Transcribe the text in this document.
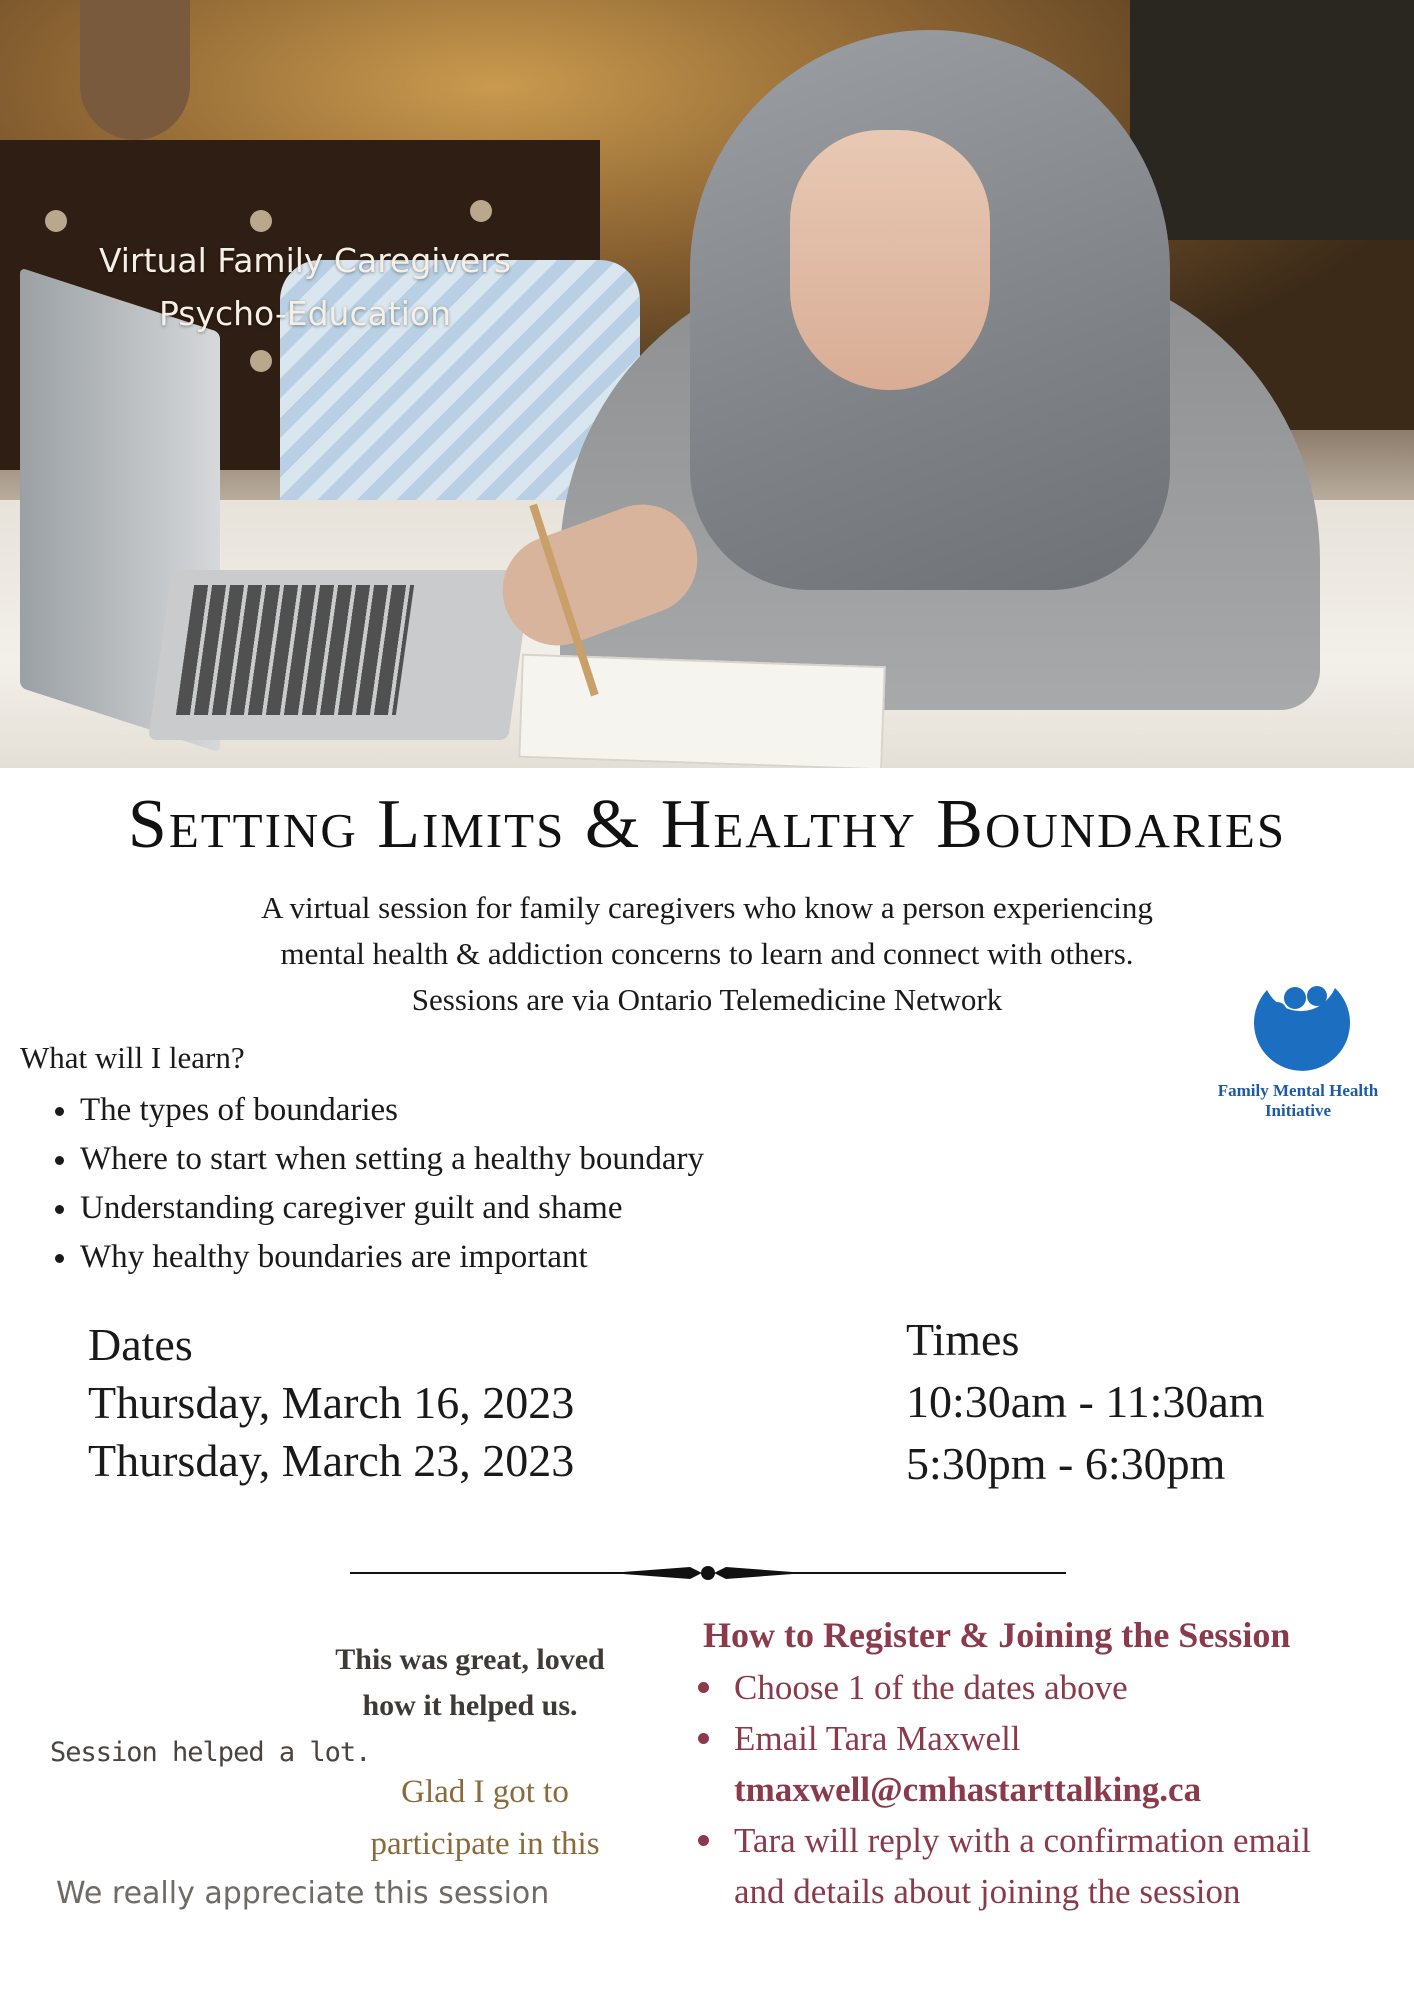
Virtual Family Caregivers
Psycho-Education
Setting Limits & Healthy Boundaries
A virtual session for family caregivers who know a person experiencing
mental health & addiction concerns to learn and connect with others.
Sessions are via Ontario Telemedicine Network
Family Mental Health
Initiative
What will I learn?
• The types of boundaries
• Where to start when setting a healthy boundary
• Understanding caregiver guilt and shame
• Why healthy boundaries are important
Dates
Thursday, March 16, 2023
Thursday, March 23, 2023
Times
10:30am - 11:30am
5:30pm - 6:30pm
This was great, loved
how it helped us.
Session helped a lot.
Glad I got to
participate in this
We really appreciate this session
How to Register & Joining the Session
Choose 1 of the dates above
Email Tara Maxwell
tmaxwell@cmhastarttalking.ca
Tara will reply with a confirmation email
and details about joining the session
